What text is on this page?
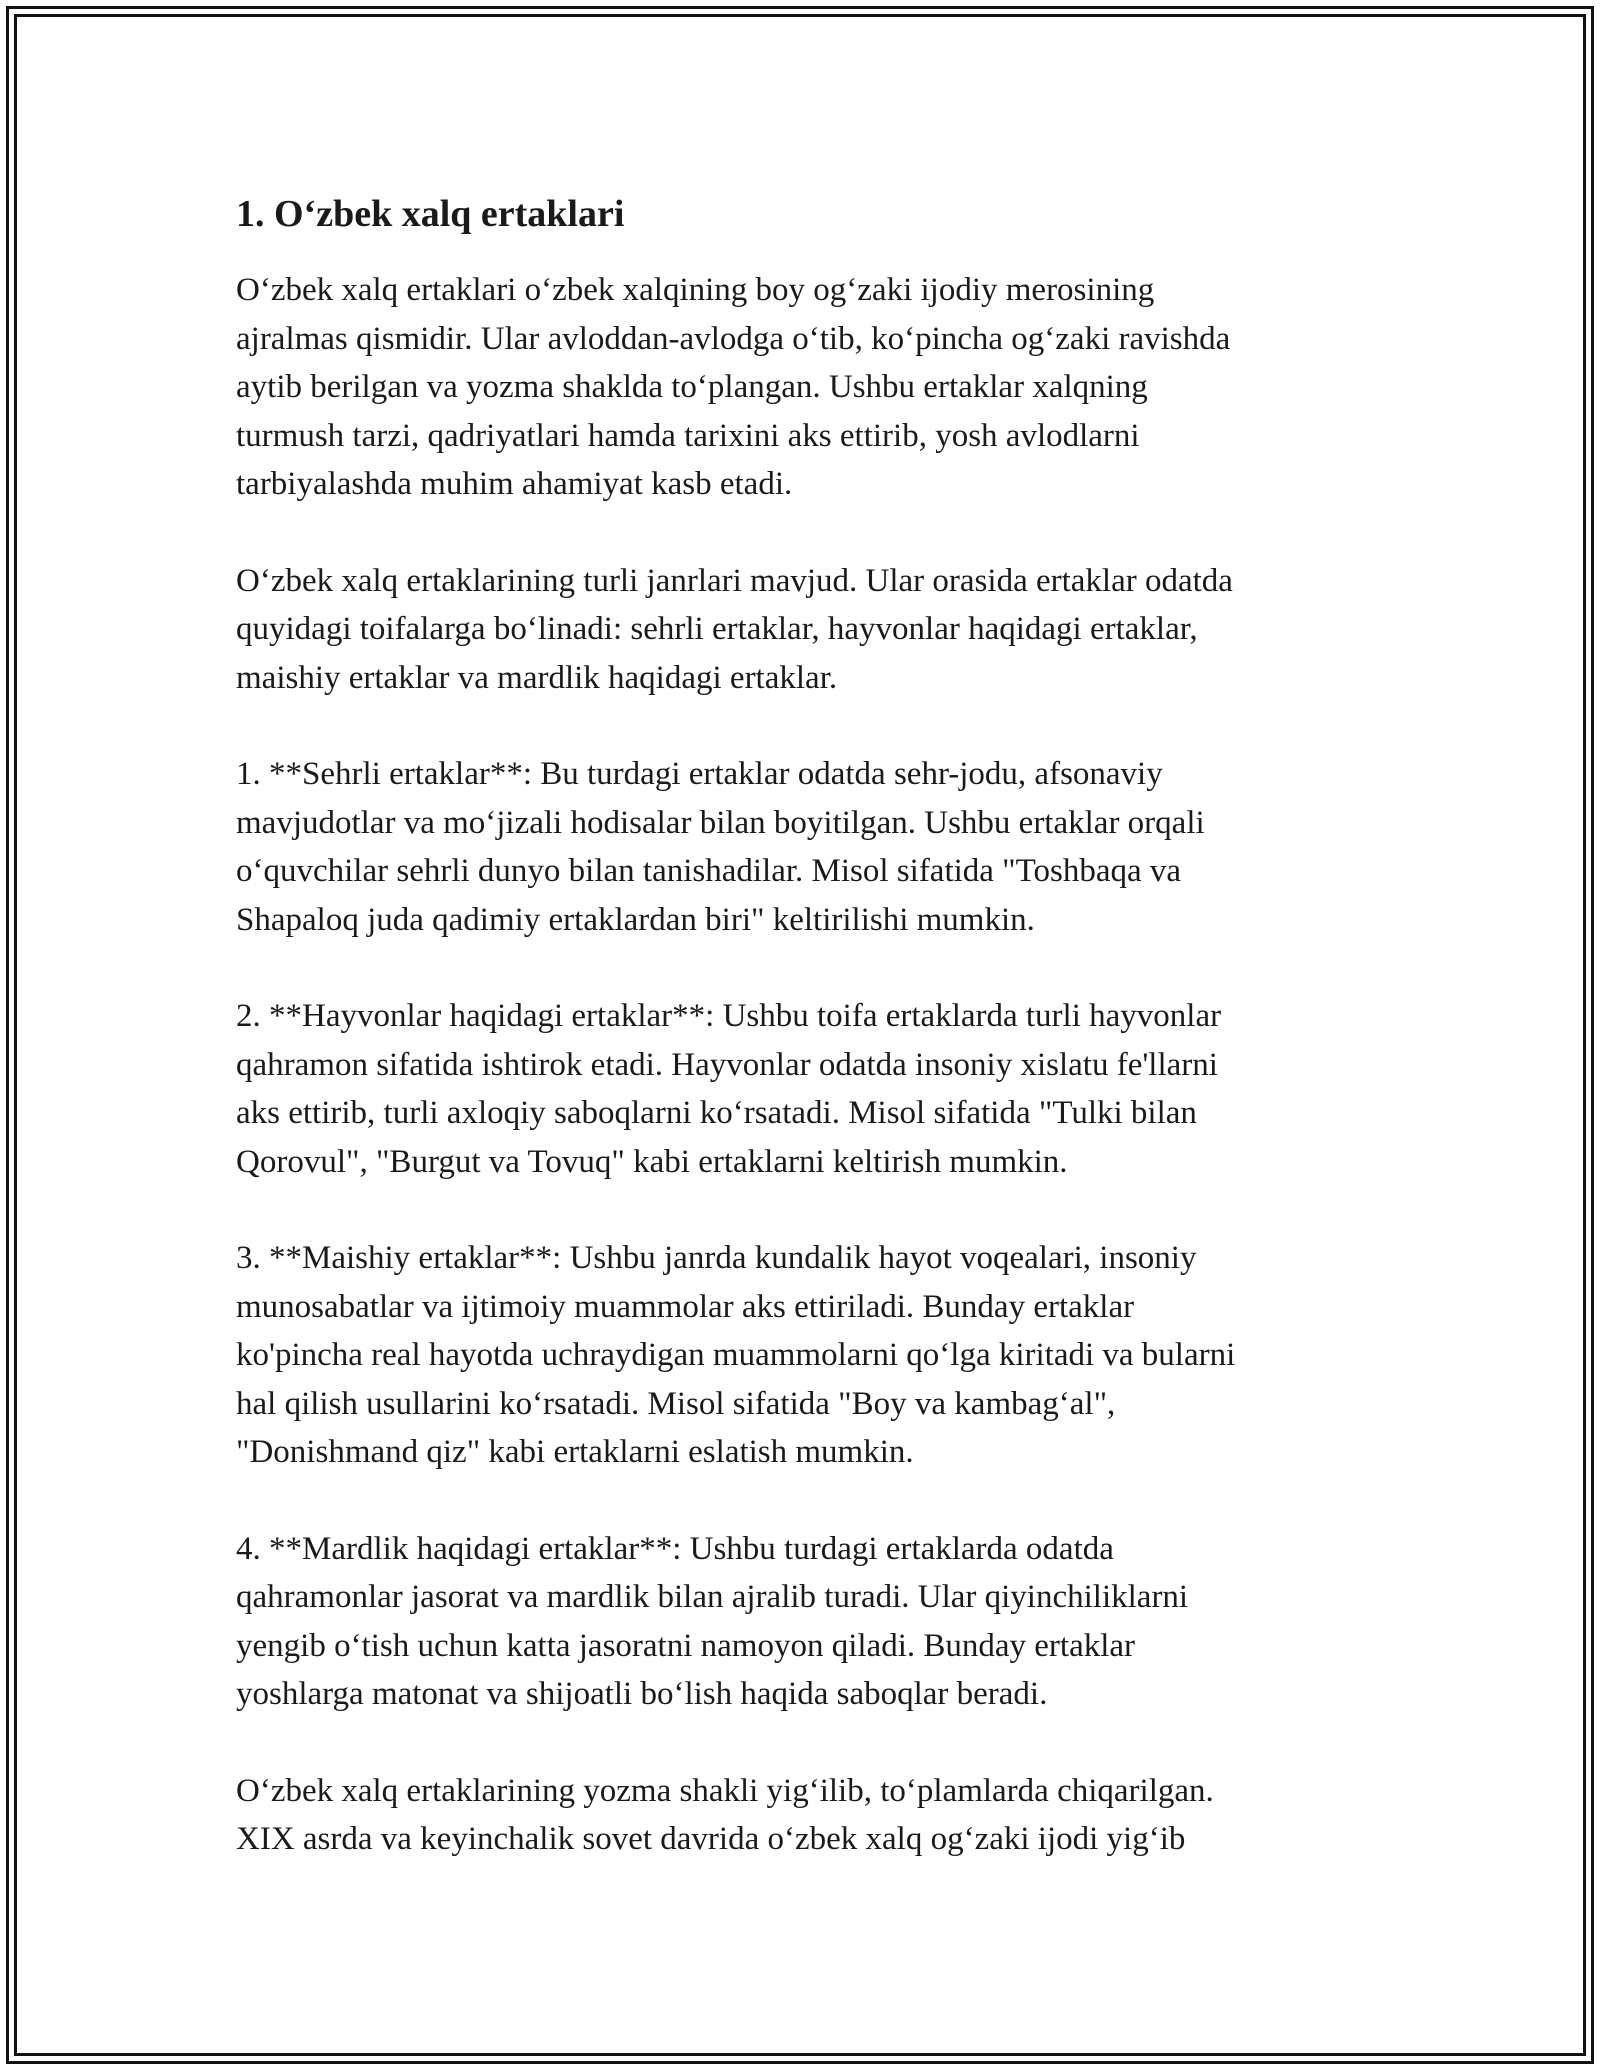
1. O‘zbek xalq ertaklari

O‘zbek xalq ertaklari o‘zbek xalqining boy og‘zaki ijodiy merosining
ajralmas qismidir. Ular avloddan-avlodga o‘tib, ko‘pincha og‘zaki ravishda
aytib berilgan va yozma shaklda to‘plangan. Ushbu ertaklar xalqning
turmush tarzi, qadriyatlari hamda tarixini aks ettirib, yosh avlodlarni
tarbiyalashda muhim ahamiyat kasb etadi.

O‘zbek xalq ertaklarining turli janrlari mavjud. Ular orasida ertaklar odatda
quyidagi toifalarga bo‘linadi: sehrli ertaklar, hayvonlar haqidagi ertaklar,
maishiy ertaklar va mardlik haqidagi ertaklar.

1. **Sehrli ertaklar**: Bu turdagi ertaklar odatda sehr-jodu, afsonaviy
mavjudotlar va mo‘jizali hodisalar bilan boyitilgan. Ushbu ertaklar orqali
o‘quvchilar sehrli dunyo bilan tanishadilar. Misol sifatida "Toshbaqa va
Shapaloq juda qadimiy ertaklardan biri" keltirilishi mumkin.

2. **Hayvonlar haqidagi ertaklar**: Ushbu toifa ertaklarda turli hayvonlar
qahramon sifatida ishtirok etadi. Hayvonlar odatda insoniy xislatu fe'llarni
aks ettirib, turli axloqiy saboqlarni ko‘rsatadi. Misol sifatida "Tulki bilan
Qorovul", "Burgut va Tovuq" kabi ertaklarni keltirish mumkin.

3. **Maishiy ertaklar**: Ushbu janrda kundalik hayot voqealari, insoniy
munosabatlar va ijtimoiy muammolar aks ettiriladi. Bunday ertaklar
ko'pincha real hayotda uchraydigan muammolarni qo‘lga kiritadi va bularni
hal qilish usullarini ko‘rsatadi. Misol sifatida "Boy va kambag‘al",
"Donishmand qiz" kabi ertaklarni eslatish mumkin.

4. **Mardlik haqidagi ertaklar**: Ushbu turdagi ertaklarda odatda
qahramonlar jasorat va mardlik bilan ajralib turadi. Ular qiyinchiliklarni
yengib o‘tish uchun katta jasoratni namoyon qiladi. Bunday ertaklar
yoshlarga matonat va shijoatli bo‘lish haqida saboqlar beradi.

O‘zbek xalq ertaklarining yozma shakli yig‘ilib, to‘plamlarda chiqarilgan.
XIX asrda va keyinchalik sovet davrida o‘zbek xalq og‘zaki ijodi yig‘ib
